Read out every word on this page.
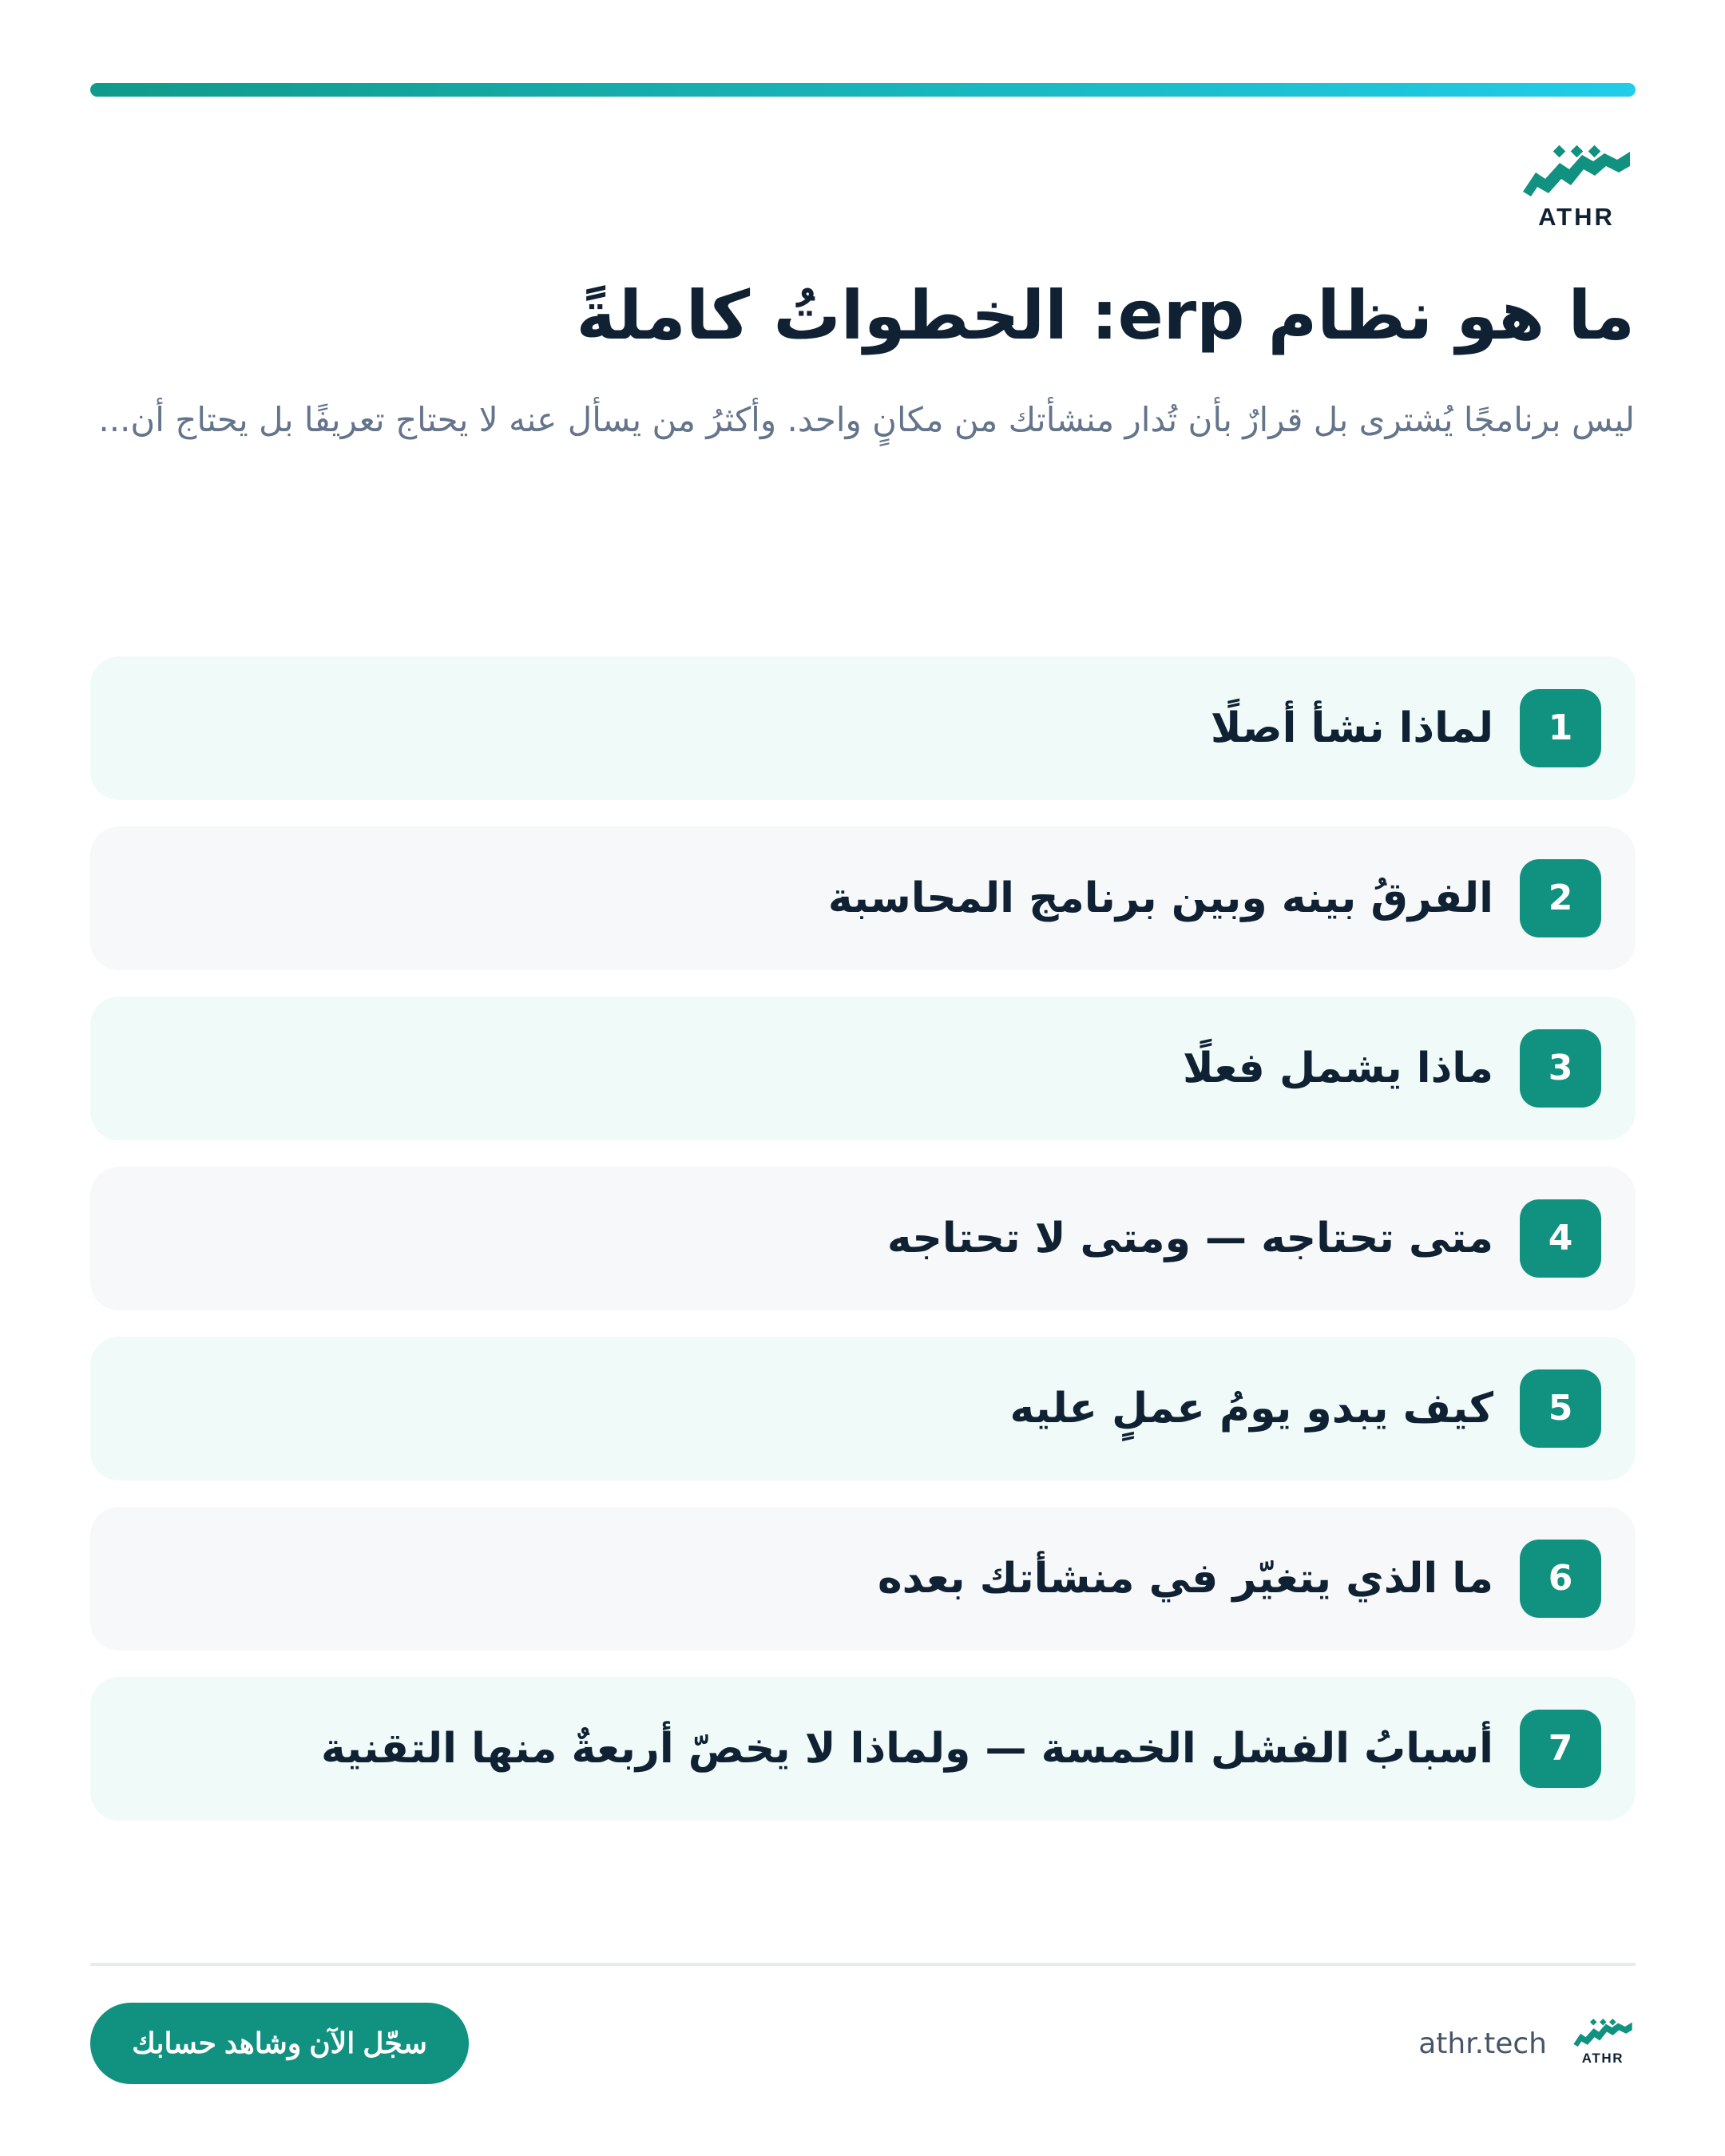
ATHR
ما هو نظام erp: الخطواتُ كاملةً

ليس برنامجًا يُشترى بل قرارٌ بأن تُدار منشأتك من مكانٍ واحد. وأكثرُ من يسأل عنه لا يحتاج تعريفًا بل يحتاج أن...

1
لماذا نشأ أصلًا
2
الفرقُ بينه وبين برنامج المحاسبة
3
ماذا يشمل فعلًا
4
متى تحتاجه — ومتى لا تحتاجه
5
كيف يبدو يومُ عملٍ عليه
6
ما الذي يتغيّر في منشأتك بعده
7
أسبابُ الفشل الخمسة — ولماذا لا يخصّ أربعةٌ منها التقنية
سجّل الآن وشاهد حسابك	ATHR
athr.tech
